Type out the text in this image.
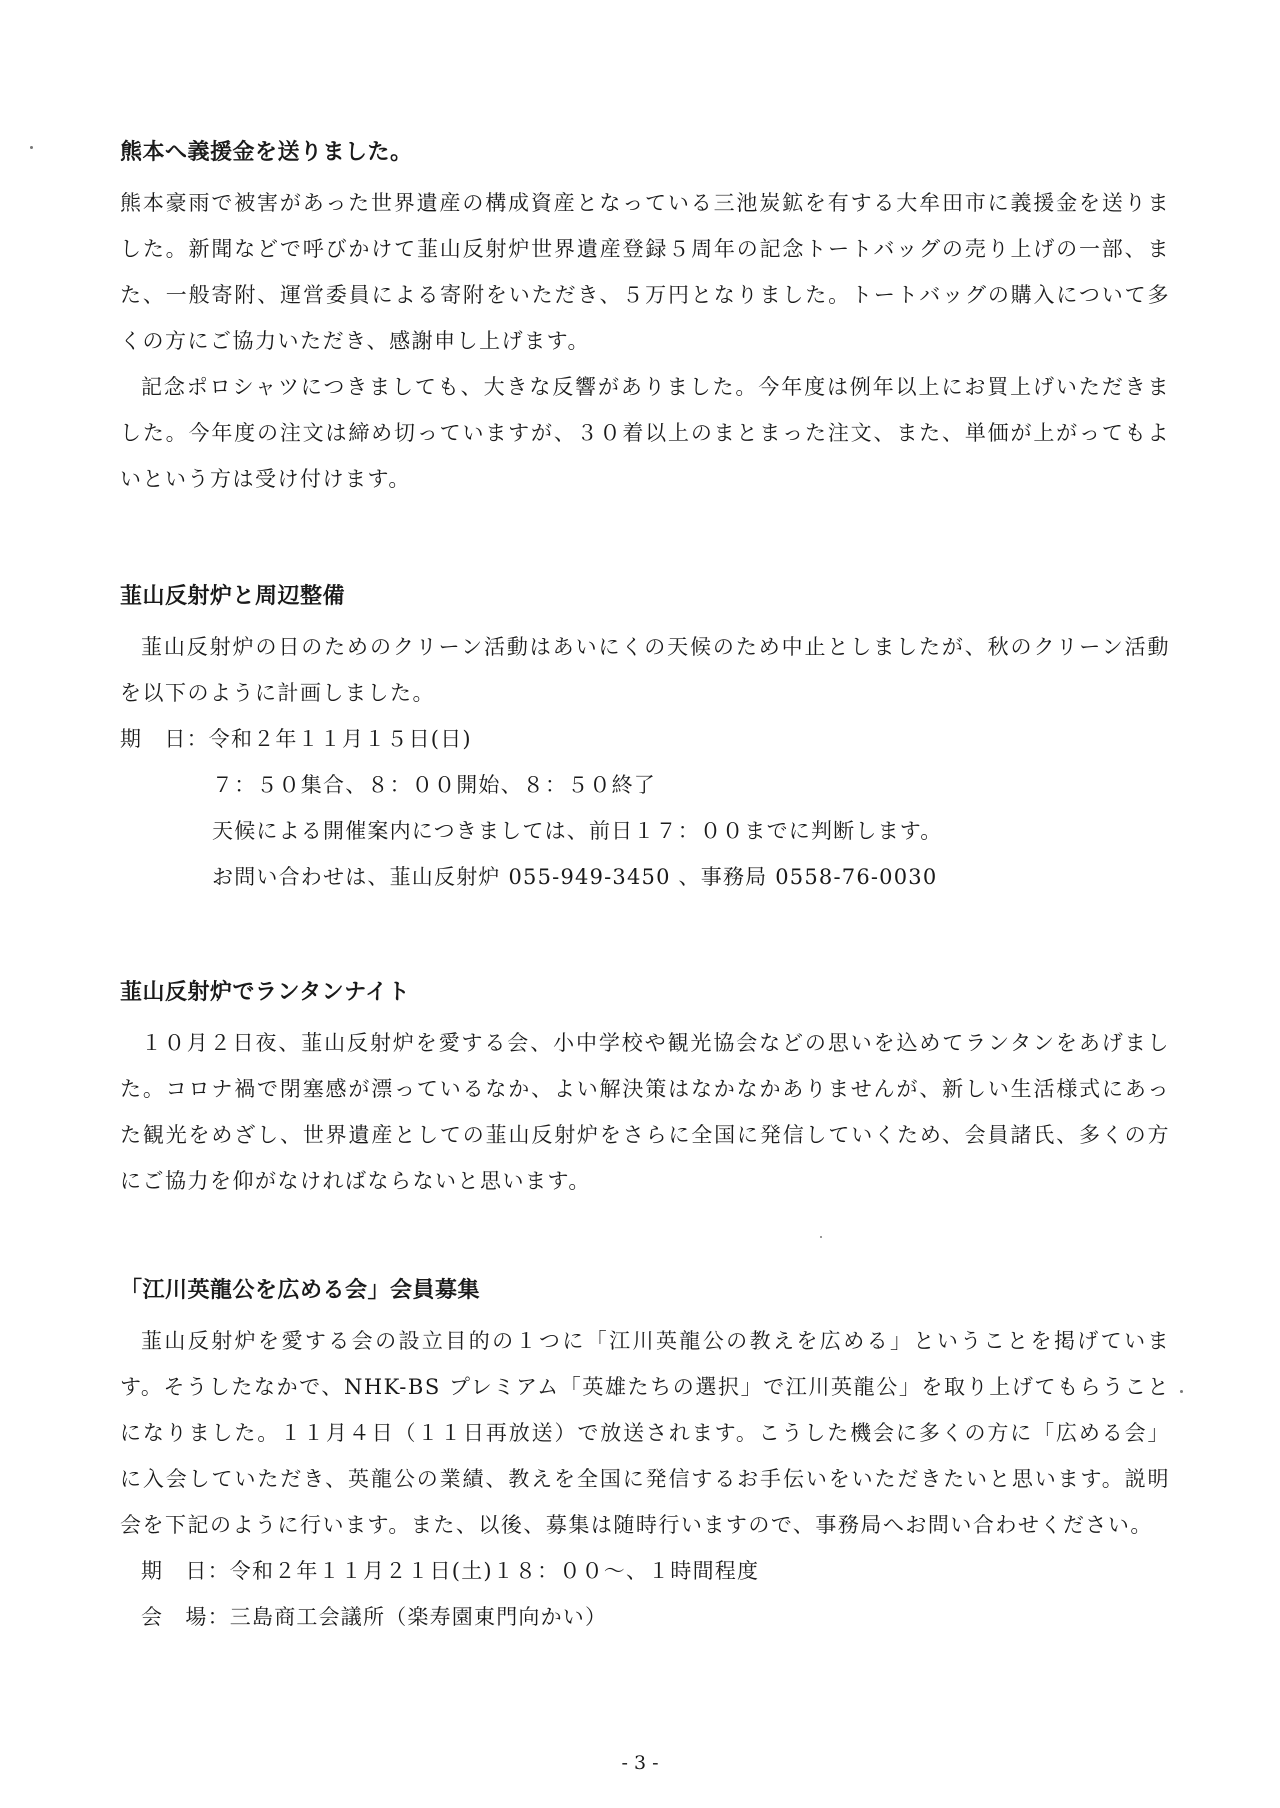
熊本へ義援金を送りました。

熊本豪雨で被害があった世界遺産の構成資産となっている三池炭鉱を有する大牟田市に義援金を送りました。新聞などで呼びかけて韮山反射炉世界遺産登録５周年の記念トートバッグの売り上げの一部、また、一般寄附、運営委員による寄附をいただき、５万円となりました。トートバッグの購入について多くの方にご協力いただき、感謝申し上げます。

記念ポロシャツにつきましても、大きな反響がありました。今年度は例年以上にお買上げいただきました。今年度の注文は締め切っていますが、３０着以上のまとまった注文、また、単価が上がってもよいという方は受け付けます。

韮山反射炉と周辺整備

韮山反射炉の日のためのクリーン活動はあいにくの天候のため中止としましたが、秋のクリーン活動を以下のように計画しました。

期　日：令和２年１１月１５日(日)
７：５０集合、８：００開始、８：５０終了
天候による開催案内につきましては、前日１７：００までに判断します。
お問い合わせは、韮山反射炉 055-949-3450 、事務局 0558-76-0030
韮山反射炉でランタンナイト

１０月２日夜、韮山反射炉を愛する会、小中学校や観光協会などの思いを込めてランタンをあげました。コロナ禍で閉塞感が漂っているなか、よい解決策はなかなかありませんが、新しい生活様式にあった観光をめざし、世界遺産としての韮山反射炉をさらに全国に発信していくため、会員諸氏、多くの方にご協力を仰がなければならないと思います。

「江川英龍公を広める会」会員募集

韮山反射炉を愛する会の設立目的の１つに「江川英龍公の教えを広める」ということを掲げています。そうしたなかで、NHK-BS プレミアム「英雄たちの選択」で江川英龍公」を取り上げてもらうことになりました。１１月４日（１１日再放送）で放送されます。こうした機会に多くの方に「広める会」に入会していただき、英龍公の業績、教えを全国に発信するお手伝いをいただきたいと思います。説明会を下記のように行います。また、以後、募集は随時行いますので、事務局へお問い合わせください。

期　日：令和２年１１月２１日(土)１８：００～、１時間程度
会　場：三島商工会議所（楽寿園東門向かい）
- 3 -
